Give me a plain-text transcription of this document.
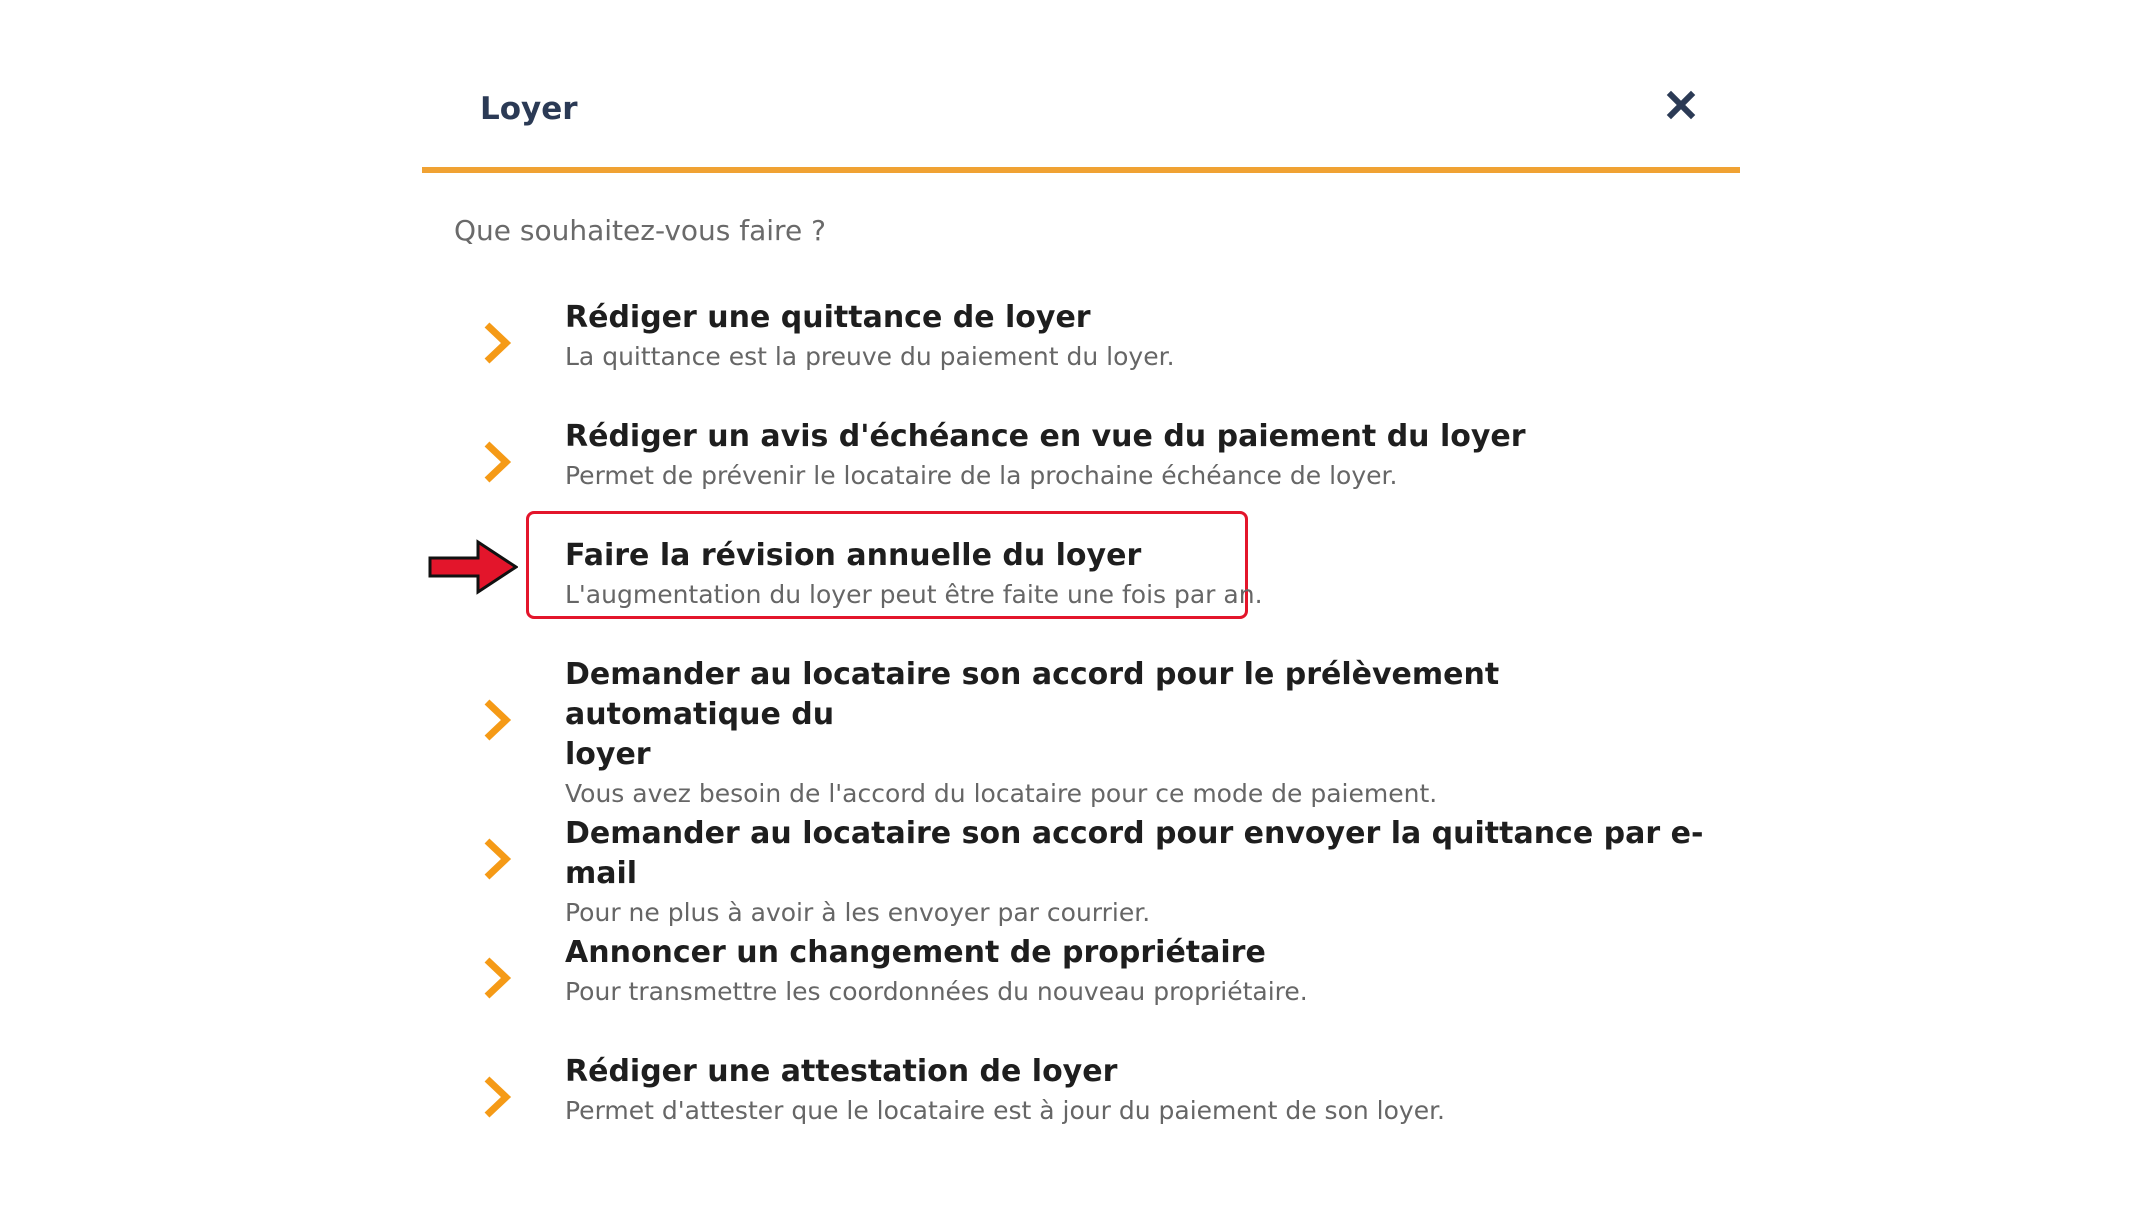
Loyer
Que souhaitez-vous faire ?
Rédiger une quittance de loyer
La quittance est la preuve du paiement du loyer.
Rédiger un avis d'échéance en vue du paiement du loyer
Permet de prévenir le locataire de la prochaine échéance de loyer.
Faire la révision annuelle du loyer
L'augmentation du loyer peut être faite une fois par an.
Demander au locataire son accord pour le prélèvement automatique du
loyer
Vous avez besoin de l'accord du locataire pour ce mode de paiement.
Demander au locataire son accord pour envoyer la quittance par e-mail
Pour ne plus à avoir à les envoyer par courrier.
Annoncer un changement de propriétaire
Pour transmettre les coordonnées du nouveau propriétaire.
Rédiger une attestation de loyer
Permet d'attester que le locataire est à jour du paiement de son loyer.
